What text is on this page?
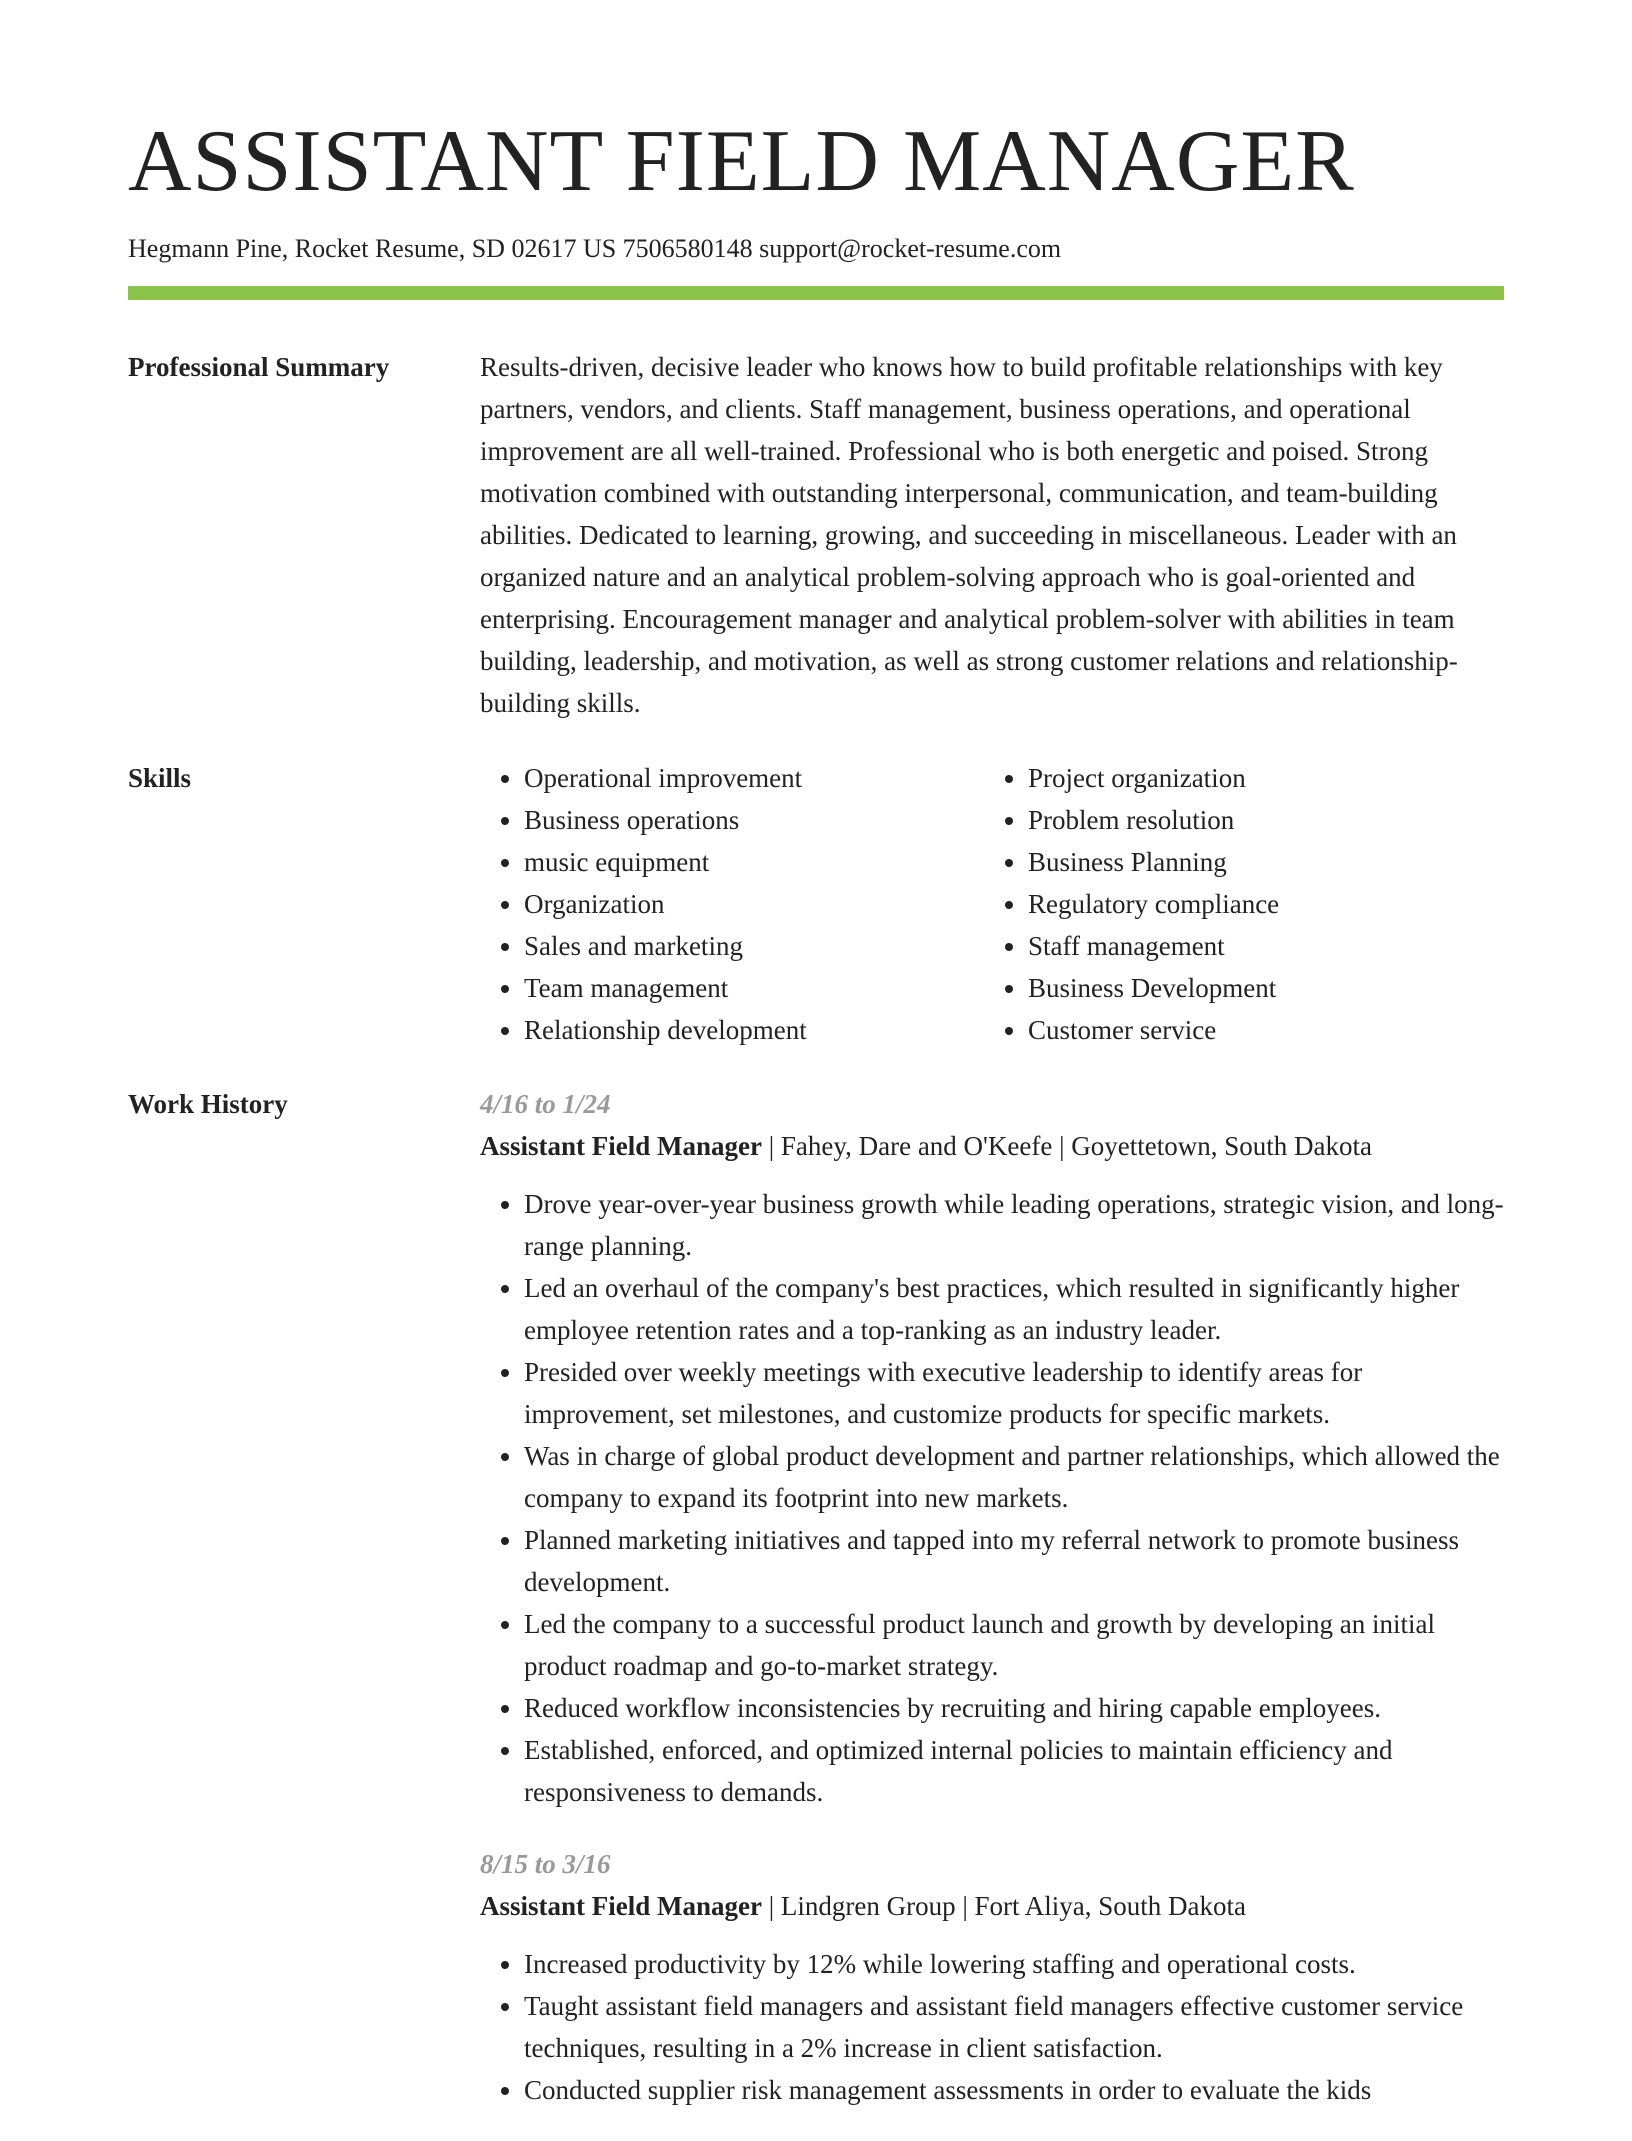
ASSISTANT FIELD MANAGER
Hegmann Pine, Rocket Resume, SD 02617 US 7506580148 support@rocket-resume.com
Professional Summary	Results-driven, decisive leader who knows how to build profitable relationships with key partners, vendors, and clients. Staff management, business operations, and operational improvement are all well-trained. Professional who is both energetic and poised. Strong motivation combined with outstanding interpersonal, communication, and team-building abilities. Dedicated to learning, growing, and succeeding in miscellaneous. Leader with an organized nature and an analytical problem-solving approach who is goal-oriented and enterprising. Encouragement manager and analytical problem-solver with abilities in team building, leadership, and motivation, as well as strong customer relations and relationship-building skills.

Skills
•	Operational improvement
• Business operations
• music equipment
• Organization
• Sales and marketing
• Team management
• Relationship development
• Project organization
• Problem resolution
• Business Planning
• Regulatory compliance
• Staff management
• Business Development
• Customer service
Work History	4/16 to 1/24
Assistant Field Manager | Fahey, Dare and O'Keefe | Goyettetown, South Dakota
• Drove year-over-year business growth while leading operations, strategic vision, and long-range planning.
• Led an overhaul of the company's best practices, which resulted in significantly higher employee retention rates and a top-ranking as an industry leader.
• Presided over weekly meetings with executive leadership to identify areas for improvement, set milestones, and customize products for specific markets.
• Was in charge of global product development and partner relationships, which allowed the company to expand its footprint into new markets.
• Planned marketing initiatives and tapped into my referral network to promote business development.
• Led the company to a successful product launch and growth by developing an initial product roadmap and go-to-market strategy.
• Reduced workflow inconsistencies by recruiting and hiring capable employees.
• Established, enforced, and optimized internal policies to maintain efficiency and responsiveness to demands.
8/15 to 3/16
Assistant Field Manager | Lindgren Group | Fort Aliya, South Dakota
• Increased productivity by 12% while lowering staffing and operational costs.
• Taught assistant field managers and assistant field managers effective customer service techniques, resulting in a 2% increase in client satisfaction.
• Conducted supplier risk management assessments in order to evaluate the kids
